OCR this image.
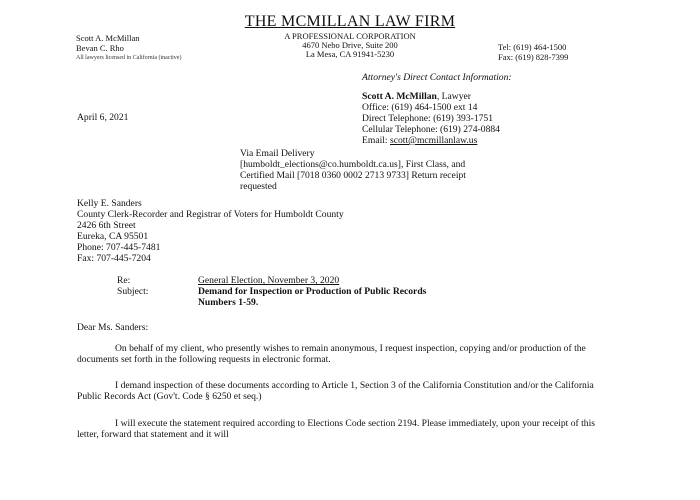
THE MCMILLAN LAW FIRM
A PROFESSIONAL CORPORATION
4670 Nebo Drive, Suite 200
La Mesa, CA 91941-5230
Scott A. McMillan
Bevan C. Rho
All lawyers licensed in California (inactive)
Tel: (619) 464-1500
Fax: (619) 828-7399
Attorney's Direct Contact Information:
Scott A. McMillan, Lawyer
Office: (619) 464-1500 ext 14
Direct Telephone: (619) 393-1751
Cellular Telephone: (619) 274-0884
Email: scott@mcmillanlaw.us
April 6, 2021
Via Email Delivery
[humboldt_elections@co.humboldt.ca.us], First Class, and
Certified Mail [7018 0360 0002 2713 9733] Return receipt
requested
Kelly E. Sanders
County Clerk-Recorder and Registrar of Voters for Humboldt County
2426 6th Street
Eureka, CA 95501
Phone: 707-445-7481
Fax: 707-445-7204
Re:	General Election, November 3, 2020
Subject:	Demand for Inspection or Production of Public Records
Numbers 1-59.
Dear Ms. Sanders:
On behalf of my client, who presently wishes to remain anonymous, I request inspection, copying and/or production of the documents set forth in the following requests in electronic format.
I demand inspection of these documents according to Article 1, Section 3 of the California Constitution and/or the California Public Records Act (Gov't. Code § 6250 et seq.)
I will execute the statement required according to Elections Code section 2194. Please immediately, upon your receipt of this letter, forward that statement and it will
